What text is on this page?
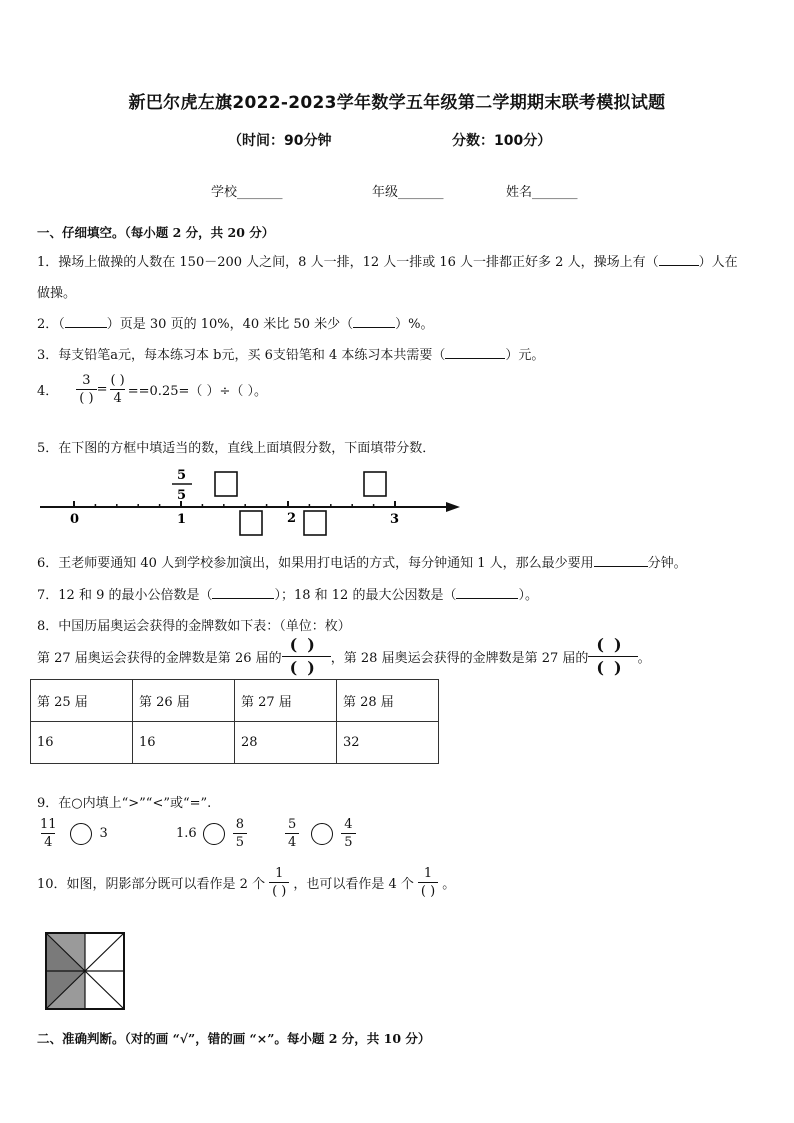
新巴尔虎左旗2022-2023学年数学五年级第二学期期末联考模拟试题
（时间：90分钟	分数：100分）
学校_______	年级_______	姓名_______
一、仔细填空。（每小题 2 分，共 20 分）
1．操场上做操的人数在 150－200 人之间，8 人一排，12 人一排或 16 人一排都正好多 2 人，操场上有（	）人在
做操。
2．（	）页是 30 页的 10%，40 米比 50 米少（	）%。
3．每支铅笔a元，每本练习本 b元，买 6支铅笔和 4 本练习本共需要（	）元。
4． $\frac{3}{( )} = \frac{( )}{4} ==0.25=$（ ）÷（ ）。
5．在下图的方框中填适当的数，直线上面填假分数，下面填带分数．
0	1	2	3
5
5
6．王老师要通知 40 人到学校参加演出，如果用打电话的方式，每分钟通知 1 人，那么最少要用	分钟。
7．12 和 9 的最小公倍数是（	）；18 和 12 的最大公因数是（	）。
8．中国历届奥运会获得的金牌数如下表：（单位：枚）
第 27 届奥运会获得的金牌数是第 26 届的 $\frac{()}{()}$ ，第 28 届奥运会获得的金牌数是第 27 届的 $\frac{()}{()}$ 。
第 25 届	第 26 届	第 27 届	第 28 届
16	16	28	32
9．在○内填上“>”“<”或“=”.
$\frac{11}{4}$	3	1.6	$\frac{8}{5}$	$\frac{5}{4}$	$\frac{4}{5}$
10．如图，阴影部分既可以看作是 2 个 $\frac{1}{( )}$ ，也可以看作是 4 个 $\frac{1}{( )}$ 。
二、准确判断。（对的画 “√”，错的画 “×”。每小题 2 分，共 10 分）
